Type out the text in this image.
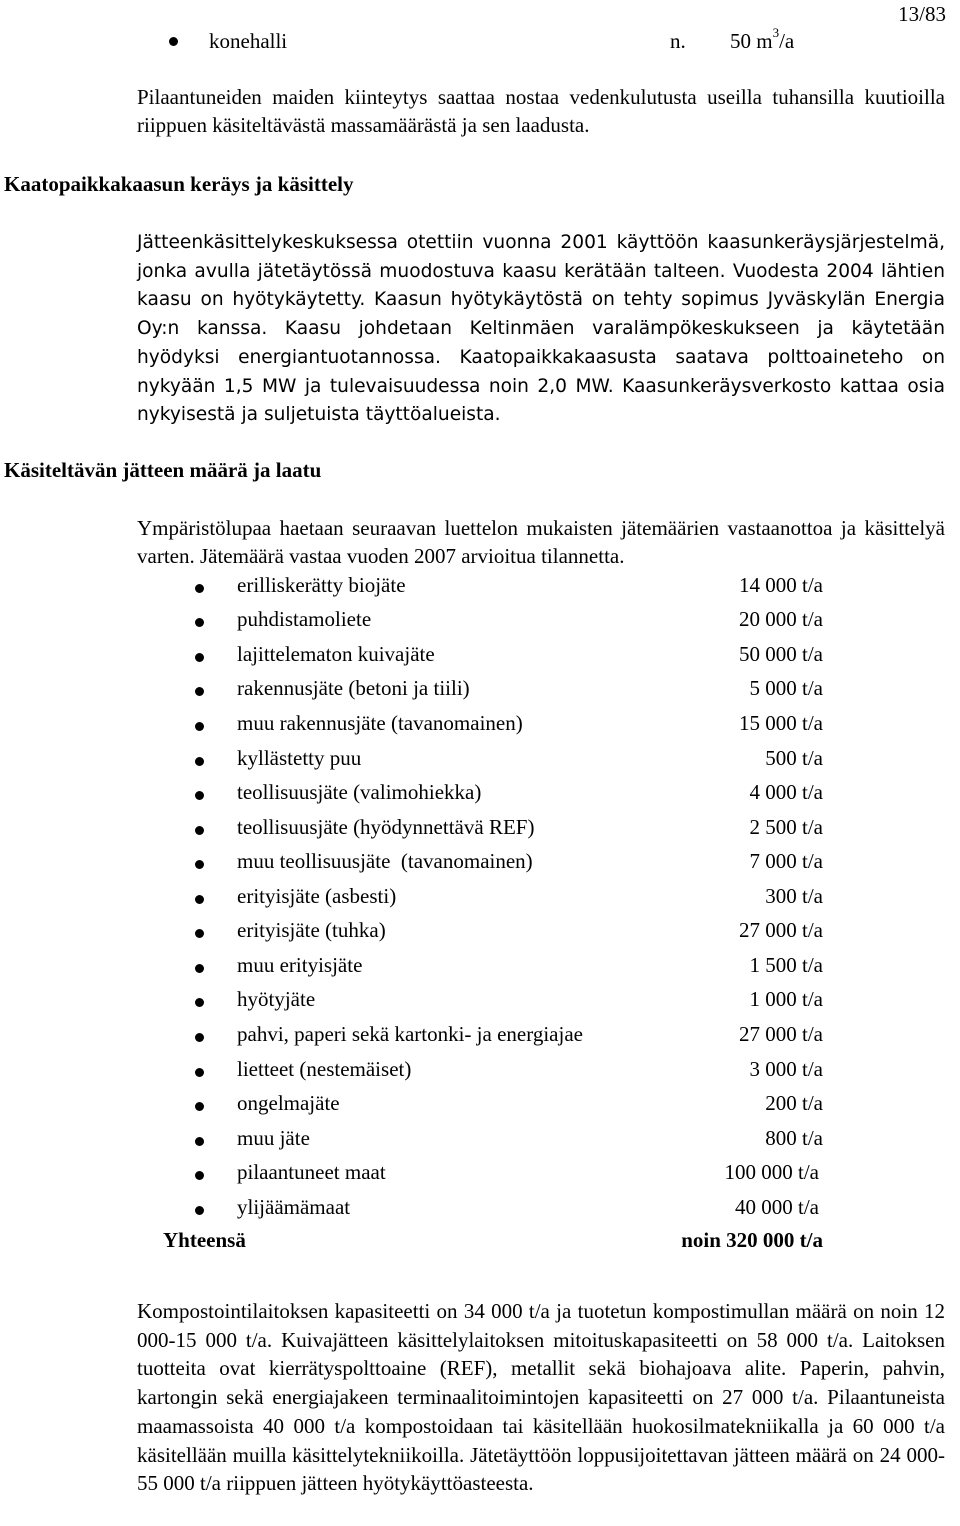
13/83
konehalli	n. 50 $m^3/a$
Pilaantuneiden maiden kiinteytys saattaa nostaa vedenkulutusta useilla tuhansilla kuutioilla riippuen käsiteltävästä massamäärästä ja sen laadusta.
Kaatopaikkakaasun keräys ja käsittely
Jätteenkäsittelykeskuksessa otettiin vuonna 2001 käyttöön kaasunkeräysjärjestelmä, jonka avulla jätetäytössä muodostuva kaasu kerätään talteen. Vuodesta 2004 lähtien kaasu on hyötykäytetty. Kaasun hyötykäytöstä on tehty sopimus Jyväskylän Energia Oy:n kanssa. Kaasu johdetaan Keltinmäen varalämpökeskukseen ja käytetään hyödyksi energiantuotannossa. Kaatopaikkakaasusta saatava polttoaineteho on nykyään 1,5 MW ja tulevaisuudessa noin 2,0 MW. Kaasunkeräysverkosto kattaa osia nykyisestä ja suljetuista täyttöalueista.
Käsiteltävän jätteen määrä ja laatu
Ympäristölupaa haetaan seuraavan luettelon mukaisten jätemäärien vastaanottoa ja käsittelyä varten. Jätemäärä vastaa vuoden 2007 arvioitua tilannetta.
erilliskerätty biojäte	14 000 t/a
puhdistamoliete	20 000 t/a
lajittelematon kuivajäte	50 000 t/a
rakennusjäte (betoni ja tiili)	5 000 t/a
muu rakennusjäte (tavanomainen)	15 000 t/a
kyllästetty puu	500 t/a
teollisuusjäte (valimohiekka)	4 000 t/a
teollisuusjäte (hyödynnettävä REF)	2 500 t/a
muu teollisuusjäte  (tavanomainen)	7 000 t/a
erityisjäte (asbesti)	300 t/a
erityisjäte (tuhka)	27 000 t/a
muu erityisjäte	1 500 t/a
hyötyjäte	1 000 t/a
pahvi, paperi sekä kartonki- ja energiajae	27 000 t/a
lietteet (nestemäiset)	3 000 t/a
ongelmajäte	200 t/a
muu jäte	800 t/a
pilaantuneet maat	100 000 t/a
ylijäämämaat	40 000 t/a
Yhteensä	noin 320 000 t/a
Kompostointilaitoksen kapasiteetti on 34 000 t/a ja tuotetun kompostimullan määrä on noin 12 000-15 000 t/a. Kuivajätteen käsittelylaitoksen mitoituskapasiteetti on 58 000 t/a. Laitoksen tuotteita ovat kierrätyspolttoaine (REF), metallit sekä biohajoava alite. Paperin, pahvin, kartongin sekä energiajakeen terminaalitoimintojen kapasiteetti on 27 000 t/a. Pilaantuneista maamassoista 40 000 t/a kompostoidaan tai käsitellään huokosilmatekniikalla ja 60 000 t/a käsitellään muilla käsittelytekniikoilla. Jätetäyttöön loppusijoitettavan jätteen määrä on 24 000-55 000 t/a riippuen jätteen hyötykäyttöasteesta.
